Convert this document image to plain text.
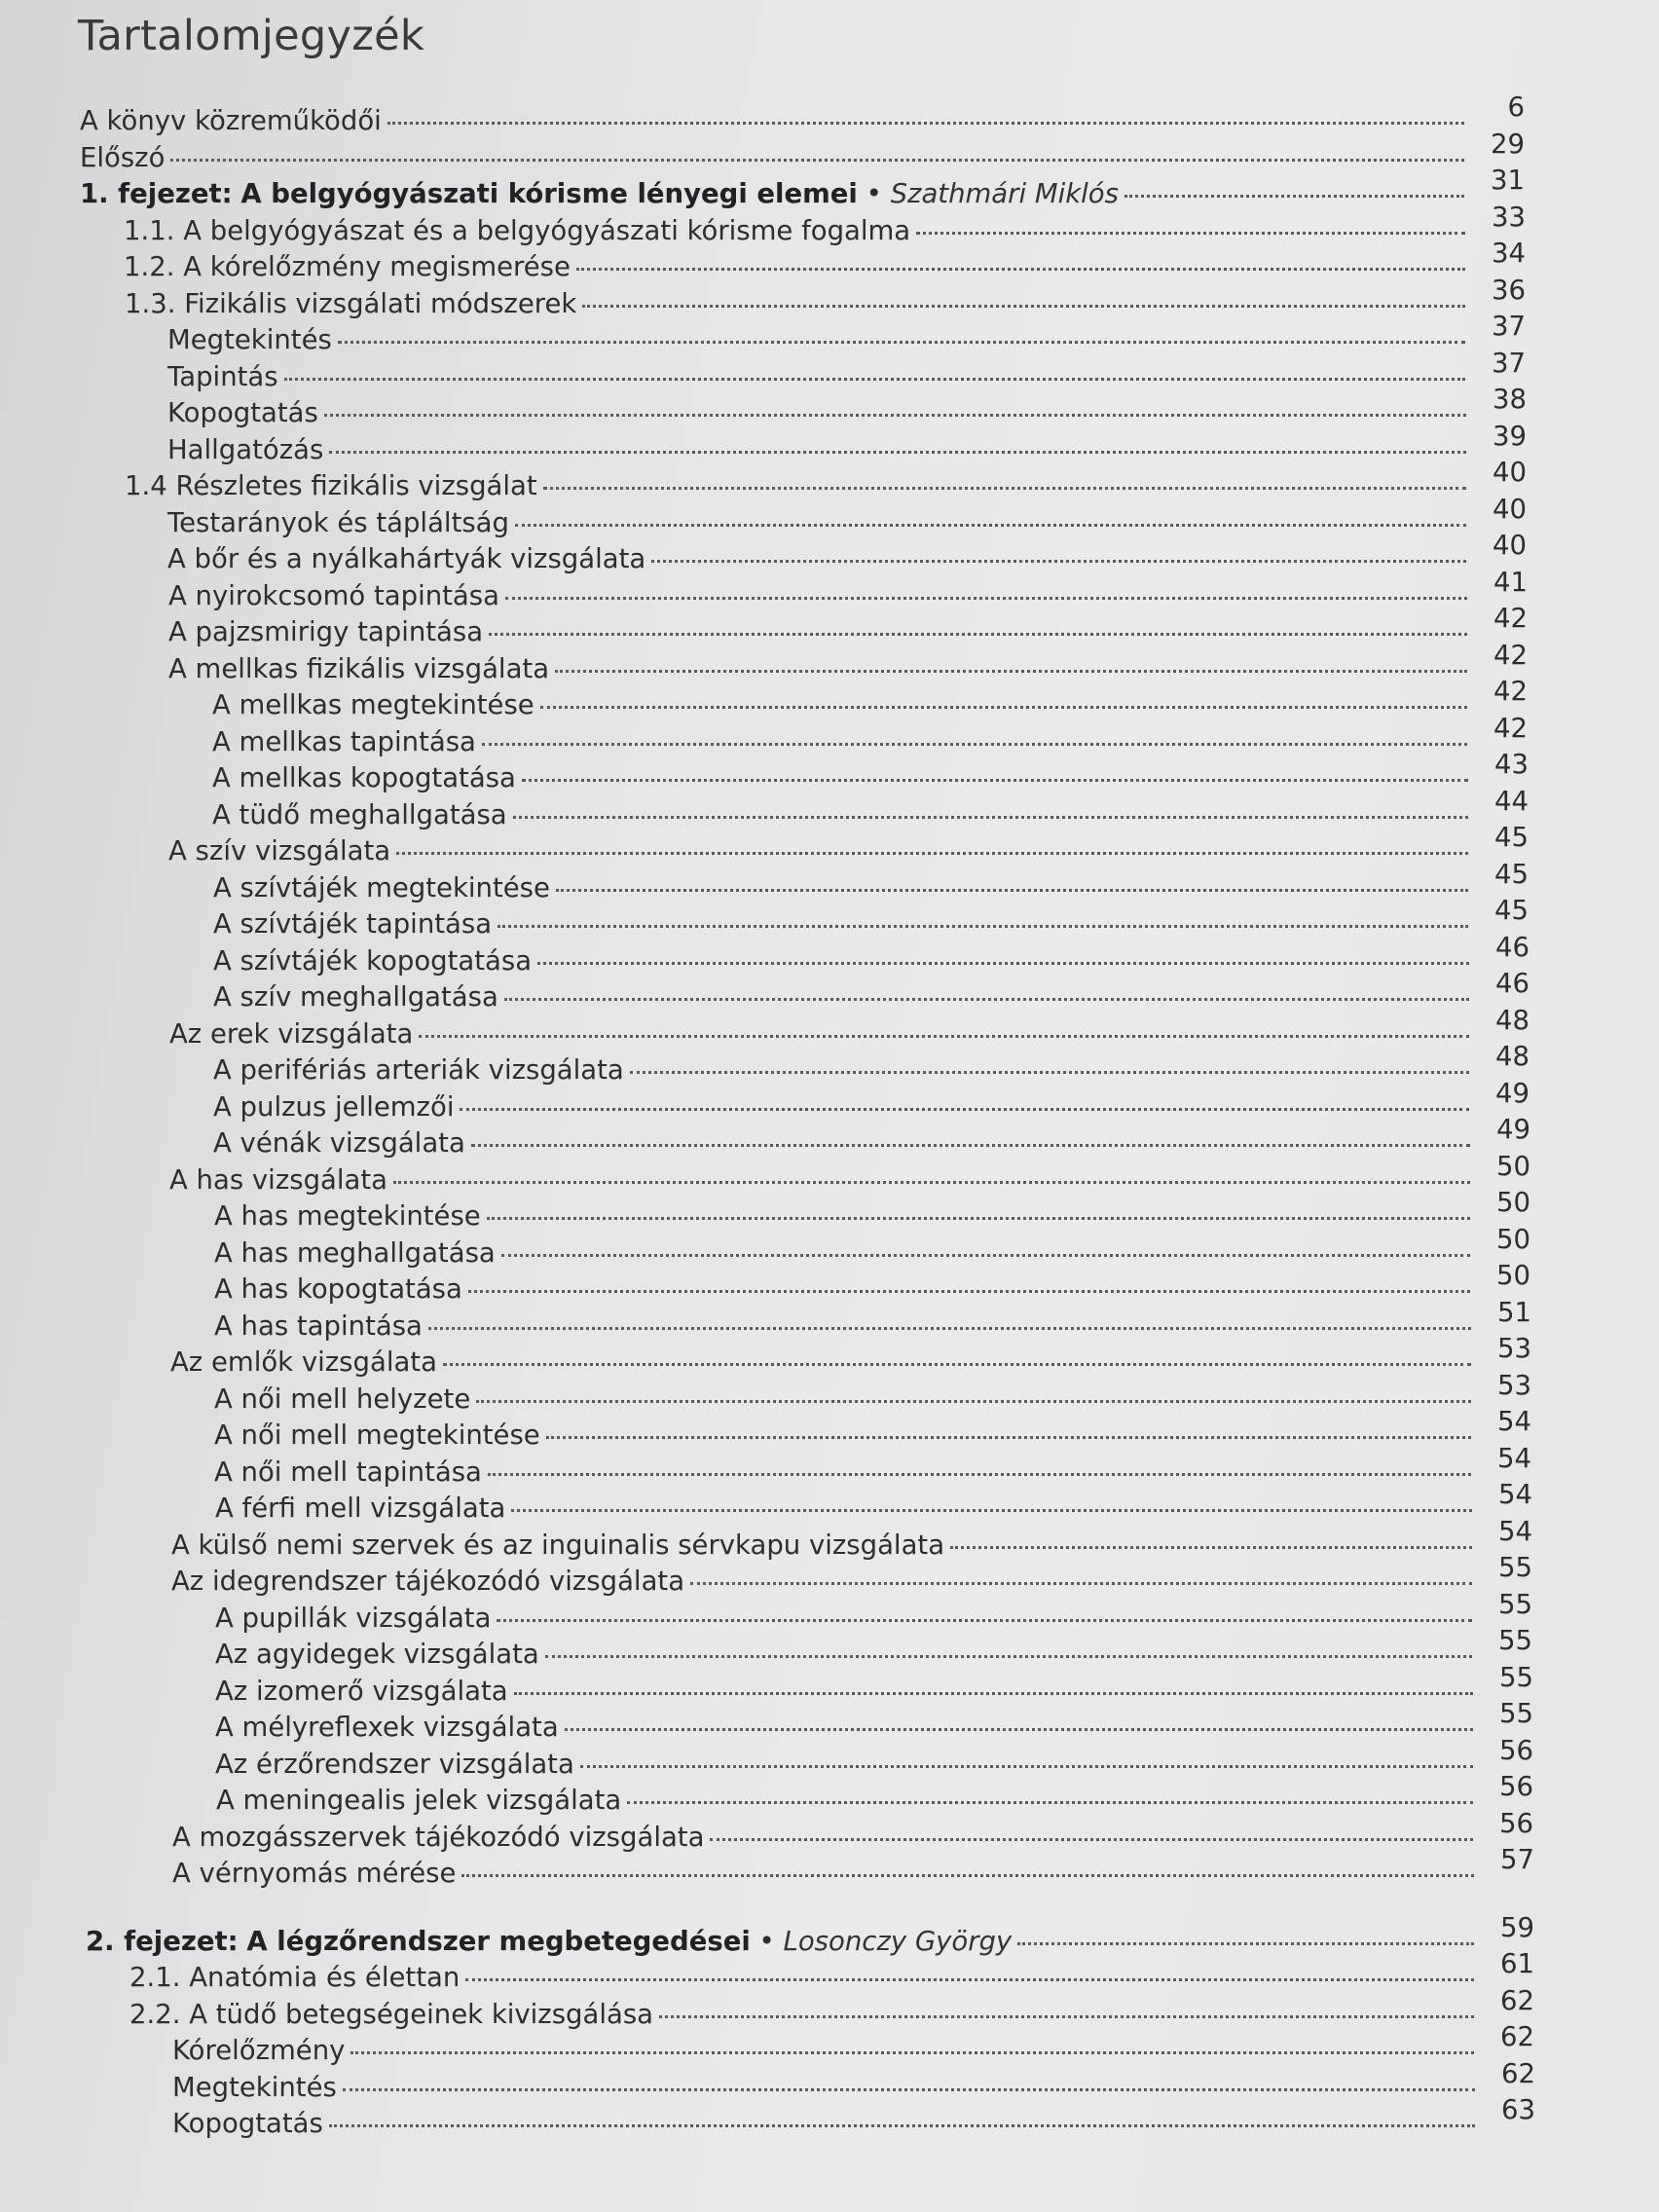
Tartalomjegyzék
A könyv közreműködői	6
Előszó	29
1. fejezet: A belgyógyászati kórisme lényegi elemei • Szathmári Miklós	31
1.1. A belgyógyászat és a belgyógyászati kórisme fogalma	33
1.2. A kórelőzmény megismerése	34
1.3. Fizikális vizsgálati módszerek	36
Megtekintés	37
Tapintás	37
Kopogtatás	38
Hallgatózás	39
1.4 Részletes fizikális vizsgálat	40
Testarányok és tápláltság	40
A bőr és a nyálkahártyák vizsgálata	40
A nyirokcsomó tapintása	41
A pajzsmirigy tapintása	42
A mellkas fizikális vizsgálata	42
A mellkas megtekintése	42
A mellkas tapintása	42
A mellkas kopogtatása	43
A tüdő meghallgatása	44
A szív vizsgálata	45
A szívtájék megtekintése	45
A szívtájék tapintása	45
A szívtájék kopogtatása	46
A szív meghallgatása	46
Az erek vizsgálata	48
A perifériás arteriák vizsgálata	48
A pulzus jellemzői	49
A vénák vizsgálata	49
A has vizsgálata	50
A has megtekintése	50
A has meghallgatása	50
A has kopogtatása	50
A has tapintása	51
Az emlők vizsgálata	53
A női mell helyzete	53
A női mell megtekintése	54
A női mell tapintása	54
A férfi mell vizsgálata	54
A külső nemi szervek és az inguinalis sérvkapu vizsgálata	54
Az idegrendszer tájékozódó vizsgálata	55
A pupillák vizsgálata	55
Az agyidegek vizsgálata	55
Az izomerő vizsgálata	55
A mélyreflexek vizsgálata	55
Az érzőrendszer vizsgálata	56
A meningealis jelek vizsgálata	56
A mozgásszervek tájékozódó vizsgálata	56
A vérnyomás mérése	57
2. fejezet: A légzőrendszer megbetegedései • Losonczy György	59
2.1. Anatómia és élettan	61
2.2. A tüdő betegségeinek kivizsgálása	62
Kórelőzmény	62
Megtekintés	62
Kopogtatás	63
